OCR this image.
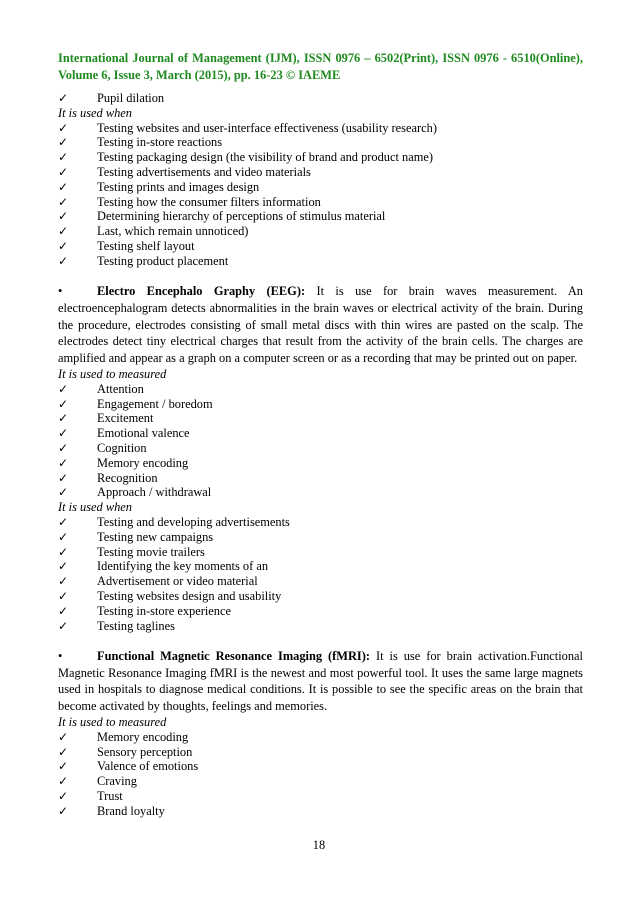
International Journal of Management (IJM), ISSN 0976 – 6502(Print), ISSN 0976 - 6510(Online),
Volume 6, Issue 3, March (2015), pp. 16-23 © IAEME
✓ Pupil dilation
It is used when
✓ Testing websites and user-interface effectiveness (usability research)
✓ Testing in-store reactions
✓ Testing packaging design (the visibility of brand and product name)
✓ Testing advertisements and video materials
✓ Testing prints and images design
✓ Testing how the consumer filters information
✓ Determining hierarchy of perceptions of stimulus material
✓ Last, which remain unnoticed)
✓ Testing shelf layout
✓ Testing product placement
•	Electro Encephalo Graphy (EEG): It is use for brain waves measurement. An electroencephalogram detects abnormalities in the brain waves or electrical activity of the brain. During the procedure, electrodes consisting of small metal discs with thin wires are pasted on the scalp. The electrodes detect tiny electrical charges that result from the activity of the brain cells. The charges are amplified and appear as a graph on a computer screen or as a recording that may be printed out on paper.
It is used to measured
✓ Attention
✓ Engagement / boredom
✓ Excitement
✓ Emotional valence
✓ Cognition
✓ Memory encoding
✓ Recognition
✓ Approach / withdrawal
It is used when
✓ Testing and developing advertisements
✓ Testing new campaigns
✓ Testing movie trailers
✓ Identifying the key moments of an
✓ Advertisement or video material
✓ Testing websites design and usability
✓ Testing in-store experience
✓ Testing taglines
•	Functional Magnetic Resonance Imaging (fMRI): It is use for brain activation.Functional Magnetic Resonance Imaging fMRI is the newest and most powerful tool. It uses the same large magnets used in hospitals to diagnose medical conditions. It is possible to see the specific areas on the brain that become activated by thoughts, feelings and memories.
It is used to measured
✓ Memory encoding
✓ Sensory perception
✓ Valence of emotions
✓ Craving
✓ Trust
✓ Brand loyalty
18
